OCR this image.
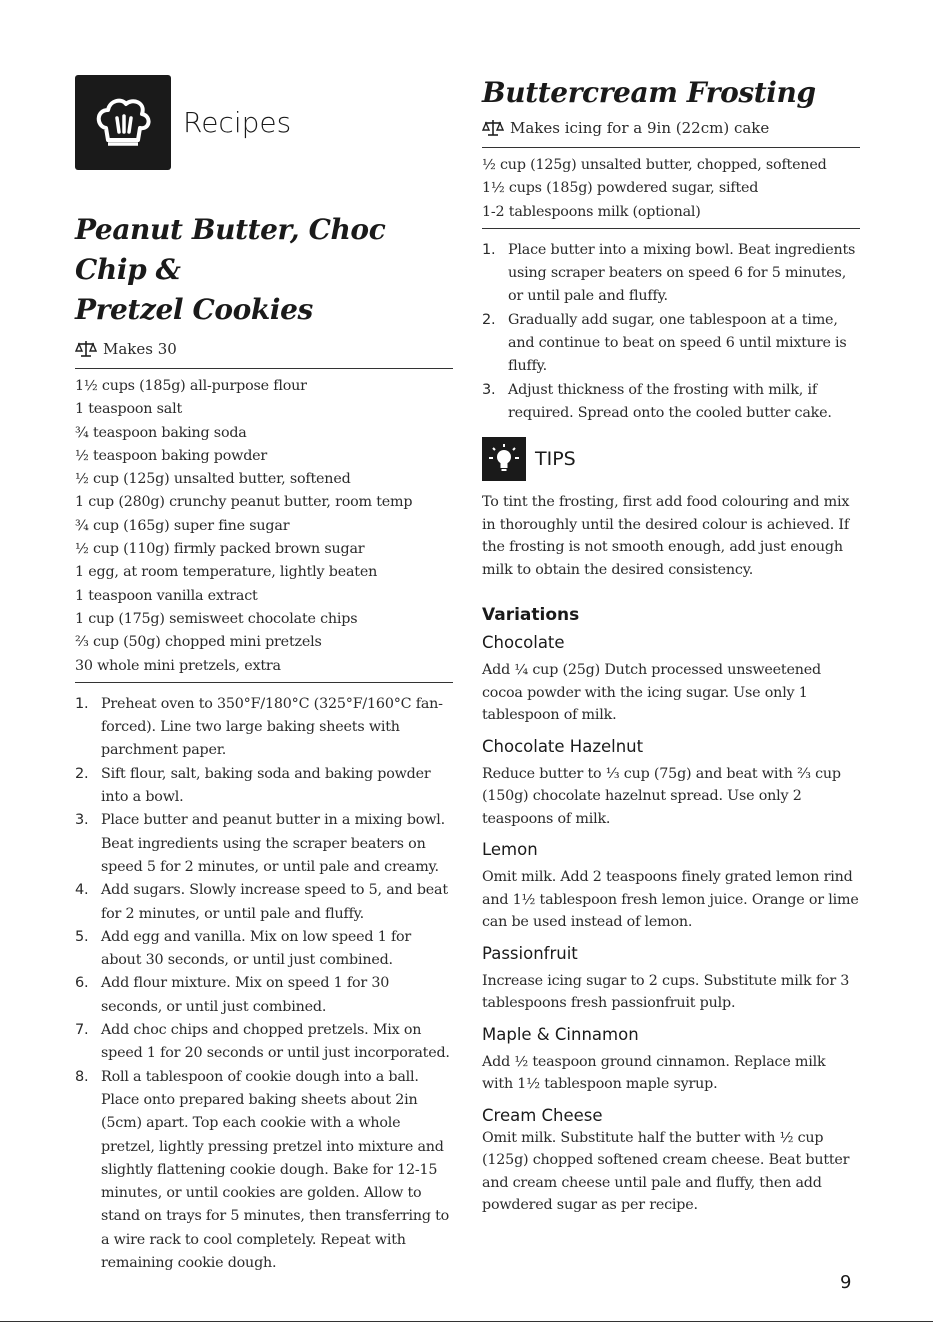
Recipes
Peanut Butter, Choc Chip &
Pretzel Cookies
Makes 30
1½ cups (185g) all-purpose flour
1 teaspoon salt
¾ teaspoon baking soda
½ teaspoon baking powder
½ cup (125g) unsalted butter, softened
1 cup (280g) crunchy peanut butter, room temp
¾ cup (165g) super fine sugar
½ cup (110g) firmly packed brown sugar
1 egg, at room temperature, lightly beaten
1 teaspoon vanilla extract
1 cup (175g) semisweet chocolate chips
⅔ cup (50g) chopped mini pretzels
30 whole mini pretzels, extra
1. Preheat oven to 350°F/180°C (325°F/160°C fan-forced). Line two large baking sheets with parchment paper.
2. Sift flour, salt, baking soda and baking powder into a bowl.
3. Place butter and peanut butter in a mixing bowl. Beat ingredients using the scraper beaters on speed 5 for 2 minutes, or until pale and creamy.
4. Add sugars. Slowly increase speed to 5, and beat for 2 minutes, or until pale and fluffy.
5. Add egg and vanilla. Mix on low speed 1 for about 30 seconds, or until just combined.
6. Add flour mixture. Mix on speed 1 for 30 seconds, or until just combined.
7. Add choc chips and chopped pretzels. Mix on speed 1 for 20 seconds or until just incorporated.
8. Roll a tablespoon of cookie dough into a ball. Place onto prepared baking sheets about 2in (5cm) apart. Top each cookie with a whole pretzel, lightly pressing pretzel into mixture and slightly flattening cookie dough. Bake for 12-15 minutes, or until cookies are golden. Allow to stand on trays for 5 minutes, then transferring to a wire rack to cool completely. Repeat with remaining cookie dough.
Buttercream Frosting
Makes icing for a 9in (22cm) cake
½ cup (125g) unsalted butter, chopped, softened
1½ cups (185g) powdered sugar, sifted
1-2 tablespoons milk (optional)
1. Place butter into a mixing bowl. Beat ingredients using scraper beaters on speed 6 for 5 minutes, or until pale and fluffy.
2. Gradually add sugar, one tablespoon at a time, and continue to beat on speed 6 until mixture is fluffy.
3. Adjust thickness of the frosting with milk, if required. Spread onto the cooled butter cake.
TIPS

To tint the frosting, first add food colouring and mix in thoroughly until the desired colour is achieved. If the frosting is not smooth enough, add just enough milk to obtain the desired consistency.

Variations
Chocolate

Add ¼ cup (25g) Dutch processed unsweetened cocoa powder with the icing sugar. Use only 1 tablespoon of milk.

Chocolate Hazelnut

Reduce butter to ⅓ cup (75g) and beat with ⅔ cup (150g) chocolate hazelnut spread. Use only 2 teaspoons of milk.

Lemon

Omit milk. Add 2 teaspoons finely grated lemon rind and 1½ tablespoon fresh lemon juice. Orange or lime can be used instead of lemon.

Passionfruit

Increase icing sugar to 2 cups. Substitute milk for 3 tablespoons fresh passionfruit pulp.

Maple & Cinnamon

Add ½ teaspoon ground cinnamon. Replace milk with 1½ tablespoon maple syrup.

Cream Cheese

Omit milk. Substitute half the butter with ½ cup (125g) chopped softened cream cheese. Beat butter and cream cheese until pale and fluffy, then add powdered sugar as per recipe.

9
